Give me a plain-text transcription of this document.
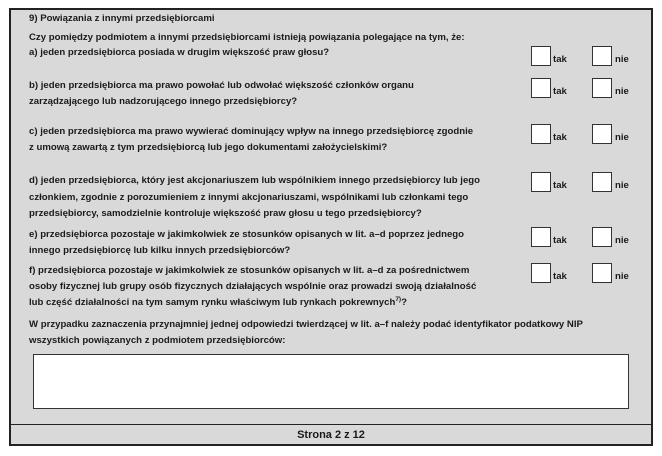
9) Powiązania z innymi przedsiębiorcami
Czy pomiędzy podmiotem a innymi przedsiębiorcami istnieją powiązania polegające na tym, że:
a) jeden przedsiębiorca posiada w drugim większość praw głosu?
tak	nie
b) jeden przedsiębiorca ma prawo powołać lub odwołać większość członków organu
zarządzającego lub nadzorującego innego przedsiębiorcy?
tak	nie
c) jeden przedsiębiorca ma prawo wywierać dominujący wpływ na innego przedsiębiorcę zgodnie
z umową zawartą z tym przedsiębiorcą lub jego dokumentami założycielskimi?
tak	nie
d) jeden przedsiębiorca, który jest akcjonariuszem lub wspólnikiem innego przedsiębiorcy lub jego
członkiem, zgodnie z porozumieniem z innymi akcjonariuszami, wspólnikami lub członkami tego
przedsiębiorcy, samodzielnie kontroluje większość praw głosu u tego przedsiębiorcy?
tak	nie
e) przedsiębiorca pozostaje w jakimkolwiek ze stosunków opisanych w lit. a–d poprzez jednego
innego przedsiębiorcę lub kilku innych przedsiębiorców?
tak	nie
f) przedsiębiorca pozostaje w jakimkolwiek ze stosunków opisanych w lit. a–d za pośrednictwem
osoby fizycznej lub grupy osób fizycznych działających wspólnie oraz prowadzi swoją działalność
lub część działalności na tym samym rynku właściwym lub rynkach pokrewnych$^{7)}$?
tak	nie
W przypadku zaznaczenia przynajmniej jednej odpowiedzi twierdzącej w lit. a–f należy podać identyfikator podatkowy NIP
wszystkich powiązanych z podmiotem przedsiębiorców:
Strona 2 z 12
